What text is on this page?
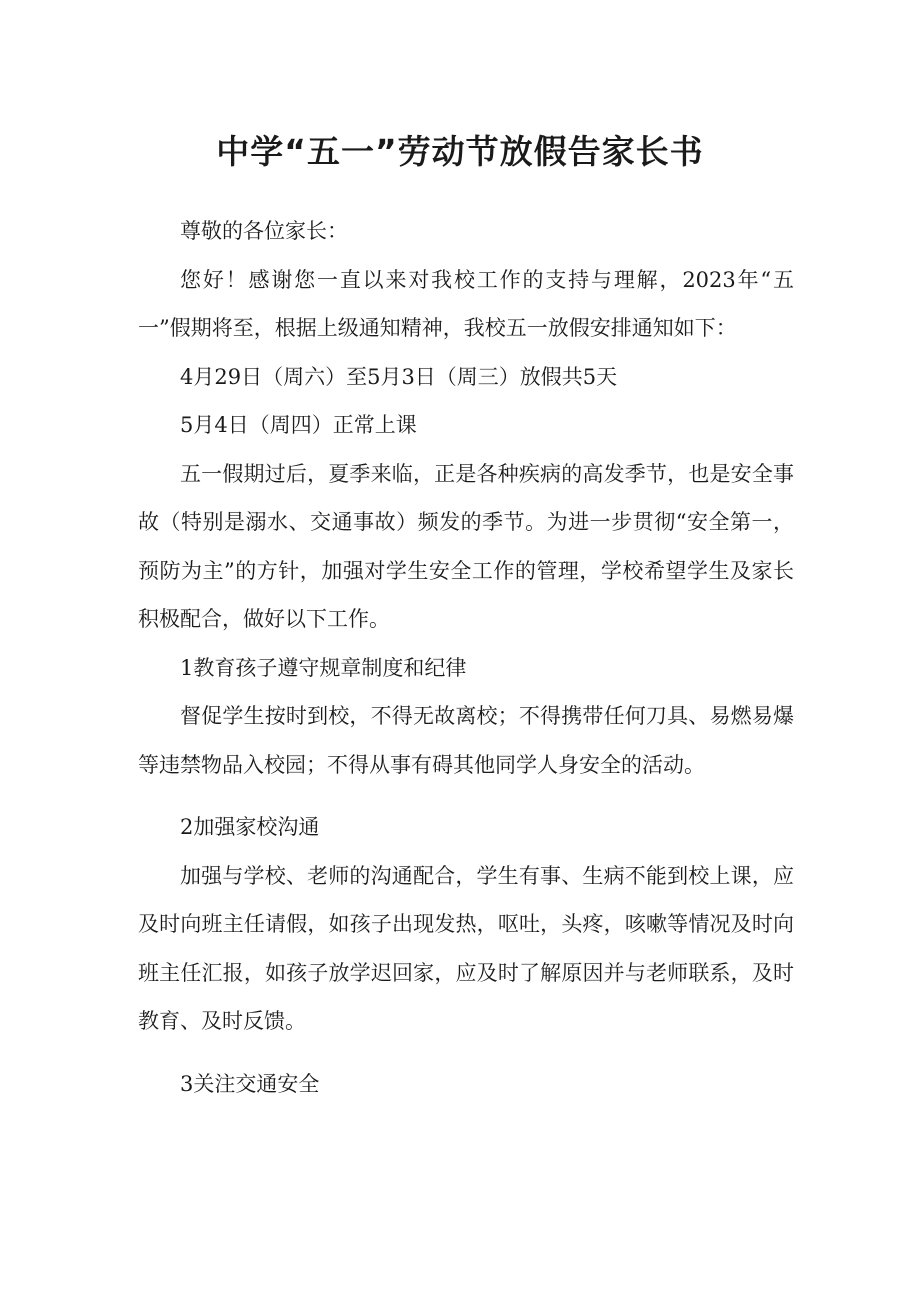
中学“五一”劳动节放假告家长书

尊敬的各位家长：

您好！感谢您一直以来对我校工作的支持与理解，2023年“五一”假期将至，根据上级通知精神，我校五一放假安排通知如下：

4月29日（周六）至5月3日（周三）放假共5天

5月4日（周四）正常上课

五一假期过后，夏季来临，正是各种疾病的高发季节，也是安全事故（特别是溺水、交通事故）频发的季节。为进一步贯彻“安全第一，预防为主”的方针，加强对学生安全工作的管理，学校希望学生及家长积极配合，做好以下工作。

1教育孩子遵守规章制度和纪律

督促学生按时到校，不得无故离校；不得携带任何刀具、易燃易爆等违禁物品入校园；不得从事有碍其他同学人身安全的活动。

2加强家校沟通

加强与学校、老师的沟通配合，学生有事、生病不能到校上课，应及时向班主任请假，如孩子出现发热，呕吐，头疼，咳嗽等情况及时向班主任汇报，如孩子放学迟回家，应及时了解原因并与老师联系，及时教育、及时反馈。

3关注交通安全
